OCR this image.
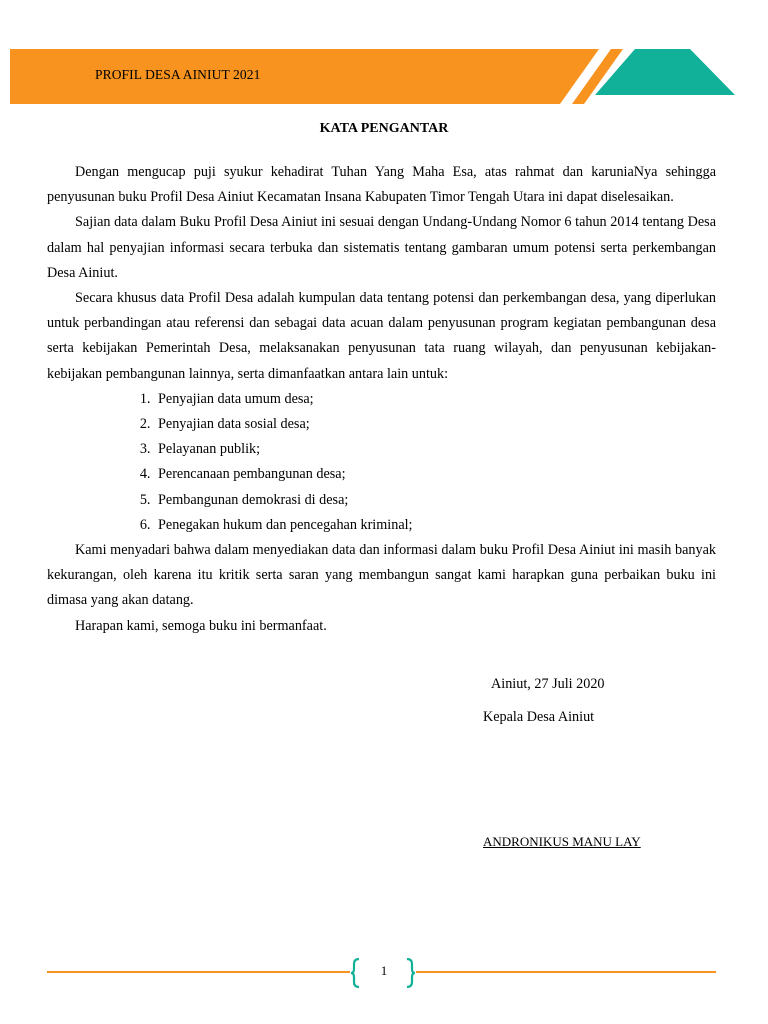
PROFIL DESA AINIUT 2021
KATA PENGANTAR

Dengan mengucap puji syukur kehadirat Tuhan Yang Maha Esa, atas rahmat dan karuniaNya sehingga penyusunan buku Profil Desa Ainiut Kecamatan Insana Kabupaten Timor Tengah Utara ini dapat diselesaikan.

Sajian data dalam Buku Profil Desa Ainiut ini sesuai dengan Undang-Undang Nomor 6 tahun 2014 tentang Desa dalam hal penyajian informasi secara terbuka dan sistematis tentang gambaran umum potensi serta perkembangan Desa Ainiut.

Secara khusus data Profil Desa adalah kumpulan data tentang potensi dan perkembangan desa, yang diperlukan untuk perbandingan atau referensi dan sebagai data acuan dalam penyusunan program kegiatan pembangunan desa serta kebijakan Pemerintah Desa, melaksanakan penyusunan tata ruang wilayah, dan penyusunan kebijakan-kebijakan pembangunan lainnya, serta dimanfaatkan antara lain untuk:

1. Penyajian data umum desa;
2. Penyajian data sosial desa;
3. Pelayanan publik;
4. Perencanaan pembangunan desa;
5. Pembangunan demokrasi di desa;
6. Penegakan hukum dan pencegahan kriminal;

Kami menyadari bahwa dalam menyediakan data dan informasi dalam buku Profil Desa Ainiut ini masih banyak kekurangan, oleh karena itu kritik serta saran yang membangun sangat kami harapkan guna perbaikan buku ini dimasa yang akan datang.

Harapan kami, semoga buku ini bermanfaat.

Ainiut, 27 Juli 2020
Kepala Desa Ainiut
ANDRONIKUS MANU LAY
1
